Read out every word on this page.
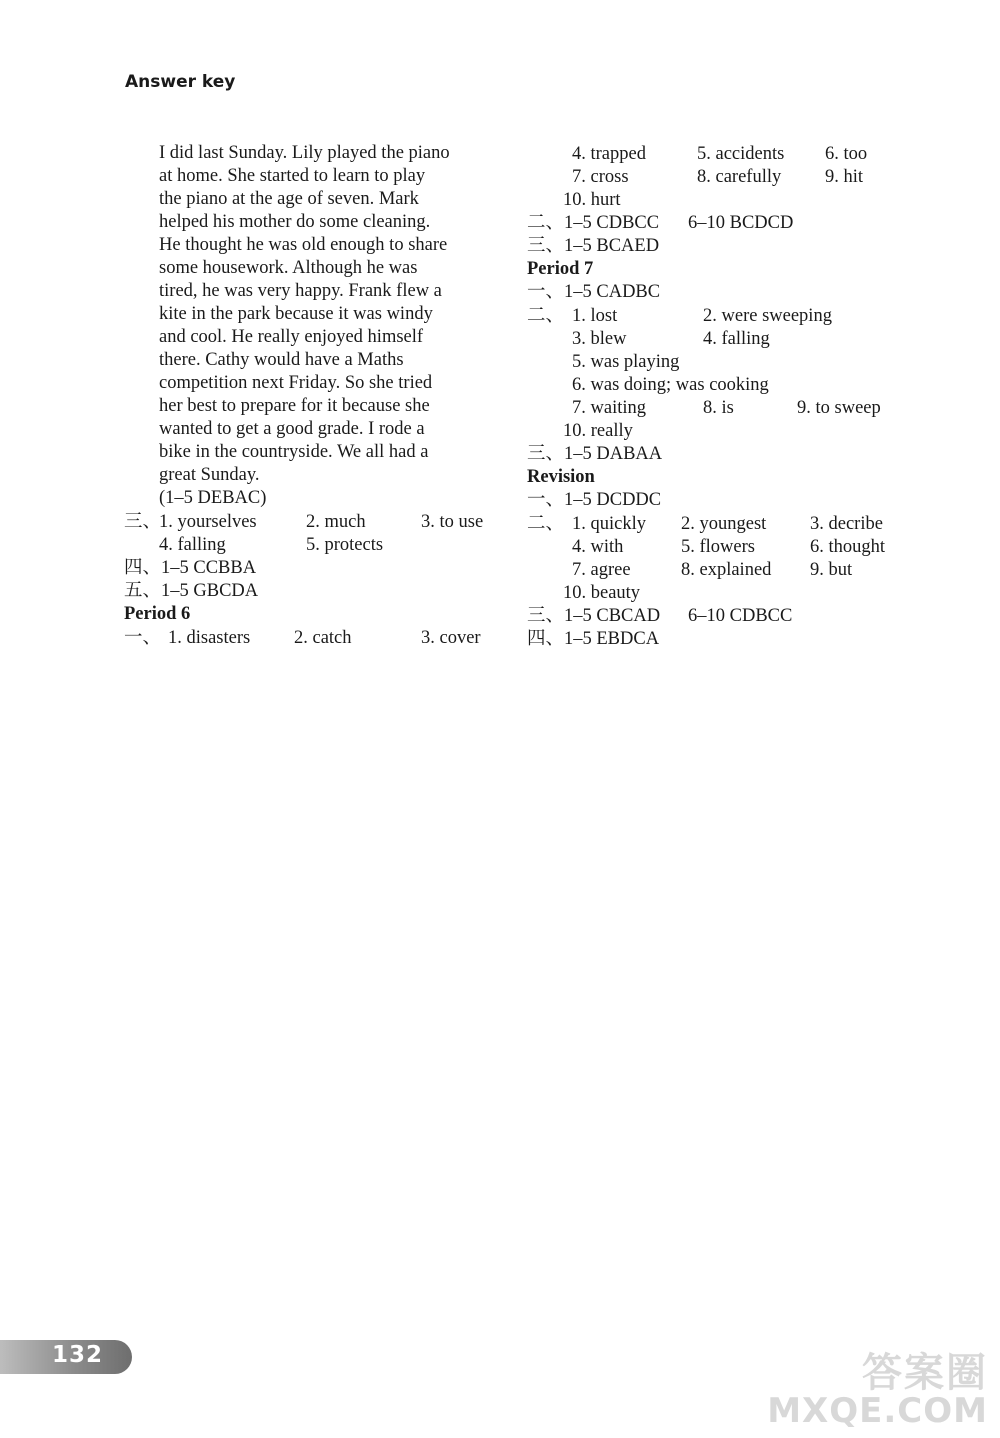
Answer key
I did last Sunday. Lily played the piano
at home. She started to learn to play
the piano at the age of seven. Mark
helped his mother do some cleaning.
He thought he was old enough to share
some housework. Although he was
tired, he was very happy. Frank flew a
kite in the park because it was windy
and cool. He really enjoyed himself
there. Cathy would have a Maths
competition next Friday. So she tried
her best to prepare for it because she
wanted to get a good grade. I rode a
bike in the countryside. We all had a
great Sunday.
(1–5 DEBAC)
三、
1. yourselves	2. much	3. to use
4. falling	5. protects
四、1–5 CCBBA
五、1–5 GBCDA
Period 6
一、 1. disasters 2. catch	3. cover
4. trapped	5. accidents 6. too
7. cross	8. carefully 9. hit
10. hurt
二、1–5 CDBCC 6–10 BCDCD
三、1–5 BCAED
Period 7
一、1–5 CADBC
二、 1. lost	2. were sweeping
3. blew	4. falling
5. was playing
6. was doing; was cooking
7. waiting	8. is	9. to sweep
10. really
三、1–5 DABAA
Revision
一、1–5 DCDDC
二、 1. quickly 2. youngest 3. decribe
4. with	5. flowers	6. thought
7. agree	8. explained 9. but
10. beauty
三、1–5 CBCAD 6–10 CDBCC
四、1–5 EBDCA
132	答案圈
MXQE.COM
